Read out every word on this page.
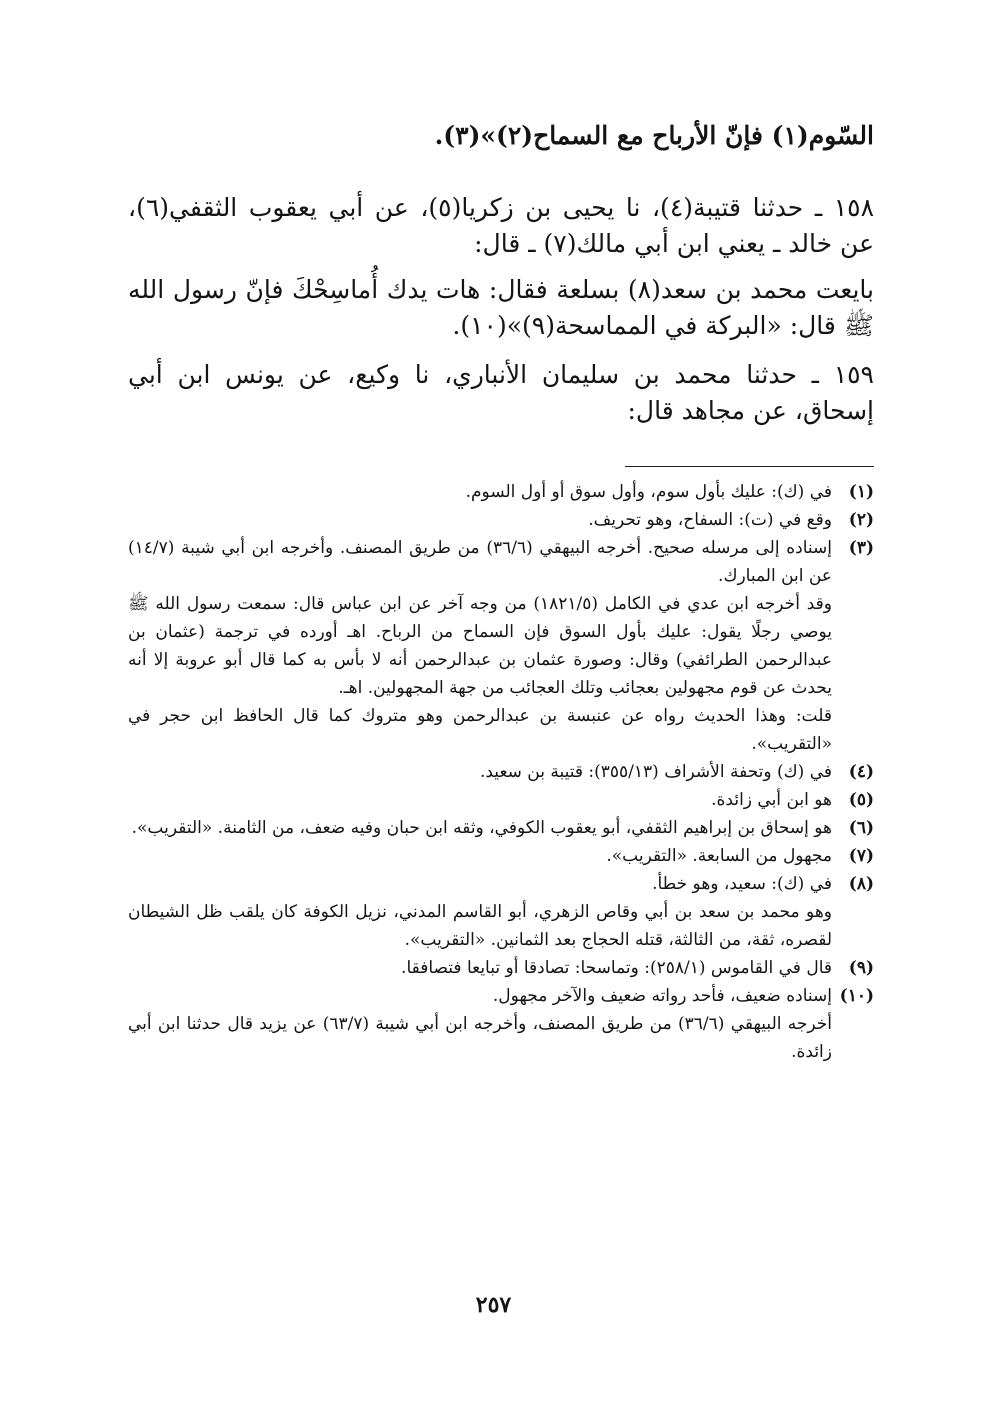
السّوم(١) فإنّ الأرباح مع السماح(٢)»(٣).

١٥٨ ـ حدثنا قتيبة(٤)، نا يحيى بن زكريا(٥)، عن أبي يعقوب الثقفي(٦)، عن خالد ـ يعني ابن أبي مالك(٧) ـ قال:

بايعت محمد بن سعد(٨) بسلعة فقال: هات يدك أُماسِحْكَ فإنّ رسول الله ﷺ قال: «البركة في المماسحة(٩)»(١٠).

١٥٩ ـ حدثنا محمد بن سليمان الأنباري، نا وكيع، عن يونس ابن أبي إسحاق، عن مجاهد قال:

(١)
في (ك): عليك بأول سوم، وأول سوق أو أول السوم.
(٢)
وقع في (ت): السفاح، وهو تحريف.
(٣)
إسناده إلى مرسله صحيح. أخرجه البيهقي (٣٦/٦) من طريق المصنف. وأخرجه ابن أبي شيبة (١٤/٧) عن ابن المبارك.
وقد أخرجه ابن عدي في الكامل (١٨٢١/٥) من وجه آخر عن ابن عباس قال: سمعت رسول الله ﷺ يوصي رجلًا يقول: عليك بأول السوق فإن السماح من الرباح. اهـ أورده في ترجمة (عثمان بن عبدالرحمن الطرائفي) وقال: وصورة عثمان بن عبدالرحمن أنه لا بأس به كما قال أبو عروبة إلا أنه يحدث عن قوم مجهولين بعجائب وتلك العجائب من جهة المجهولين. اهـ.
قلت: وهذا الحديث رواه عن عنبسة بن عبدالرحمن وهو متروك كما قال الحافظ ابن حجر في «التقريب».
(٤)
في (ك) وتحفة الأشراف (٣٥٥/١٣): قتيبة بن سعيد.
(٥)
هو ابن أبي زائدة.
(٦)
هو إسحاق بن إبراهيم الثقفي، أبو يعقوب الكوفي، وثقه ابن حبان وفيه ضعف، من الثامنة. «التقريب».
(٧)
مجهول من السابعة. «التقريب».
(٨)
في (ك): سعيد، وهو خطأ.
وهو محمد بن سعد بن أبي وقاص الزهري، أبو القاسم المدني، نزيل الكوفة كان يلقب ظل الشيطان لقصره، ثقة، من الثالثة، قتله الحجاج بعد الثمانين. «التقريب».
(٩)
قال في القاموس (٢٥٨/١): وتماسحا: تصادقا أو تبايعا فتصافقا.
(١٠)
إسناده ضعيف، فأحد رواته ضعيف والآخر مجهول.
أخرجه البيهقي (٣٦/٦) من طريق المصنف، وأخرجه ابن أبي شيبة (٦٣/٧) عن يزيد قال حدثنا ابن أبي زائدة.
٢٥٧
